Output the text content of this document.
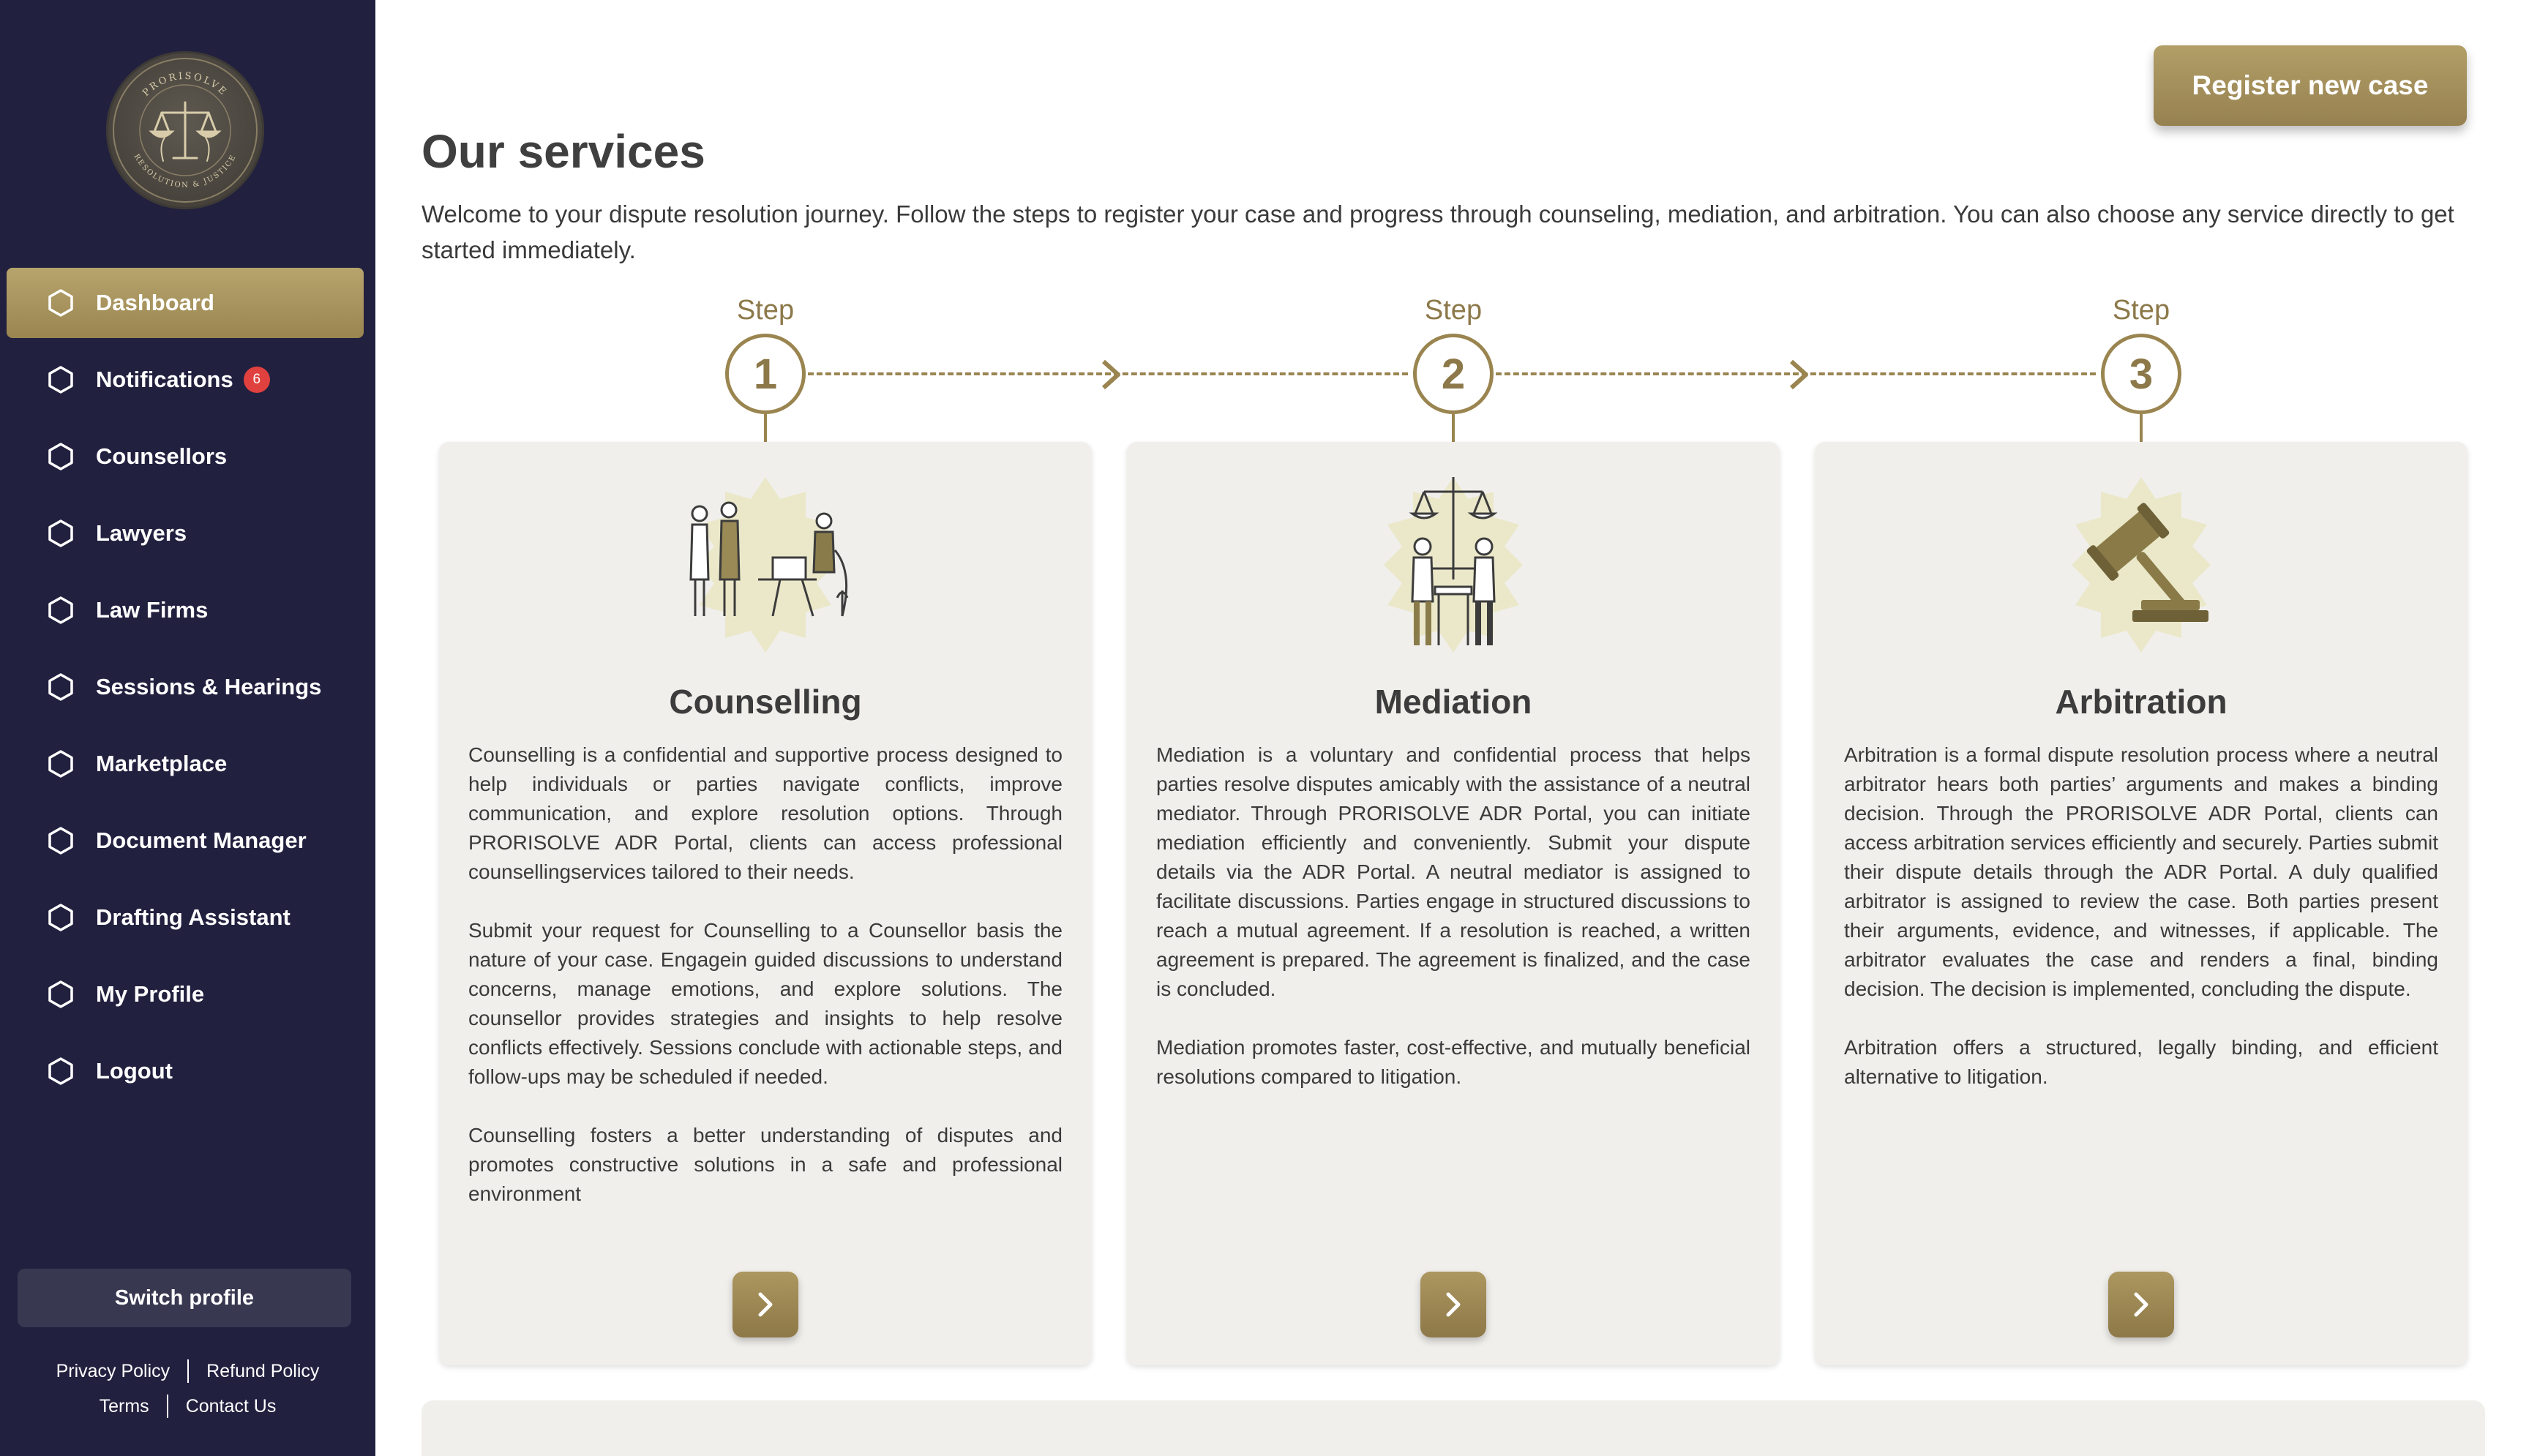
PRORISOLVE
RESOLUTION & JUSTICE
Dashboard
Notifications	6
Counsellors
Lawyers
Law Firms
Sessions & Hearings
Marketplace
Document Manager
Drafting Assistant
My Profile
Logout
Switch profile
Privacy Policy Refund Policy
Terms Contact Us
Register new case
Our services

Welcome to your dispute resolution journey. Follow the steps to register your case and progress through counseling, mediation, and arbitration. You can also choose any service directly to get started immediately.

Step	Step	Step
1	2	3
Counselling

Counselling is a confidential and supportive process designed to help individuals or parties navigate conflicts, improve communication, and explore resolution options. Through PRORISOLVE ADR Portal, clients can access professional counsellingservices tailored to their needs.

Submit your request for Counselling to a Counsellor basis the nature of your case. Engagein guided discussions to understand concerns, manage emotions, and explore solutions. The counsellor provides strategies and insights to help resolve conflicts effectively. Sessions conclude with actionable steps, and follow-ups may be scheduled if needed.

Counselling fosters a better understanding of disputes and promotes constructive solutions in a safe and professional environment

Mediation

Mediation is a voluntary and confidential process that helps parties resolve disputes amicably with the assistance of a neutral mediator. Through PRORISOLVE ADR Portal, you can initiate mediation efficiently and conveniently. Submit your dispute details via the ADR Portal. A neutral mediator is assigned to facilitate discussions. Parties engage in structured discussions to reach a mutual agreement. If a resolution is reached, a written agreement is prepared. The agreement is finalized, and the case is concluded.

Mediation promotes faster, cost-effective, and mutually beneficial resolutions compared to litigation.

Arbitration

Arbitration is a formal dispute resolution process where a neutral arbitrator hears both parties’ arguments and makes a binding decision. Through the PRORISOLVE ADR Portal, clients can access arbitration services efficiently and securely. Parties submit their dispute details through the ADR Portal. A duly qualified arbitrator is assigned to review the case. Both parties present their arguments, evidence, and witnesses, if applicable. The arbitrator evaluates the case and renders a final, binding decision. The decision is implemented, concluding the dispute.

Arbitration offers a structured, legally binding, and efficient alternative to litigation.
